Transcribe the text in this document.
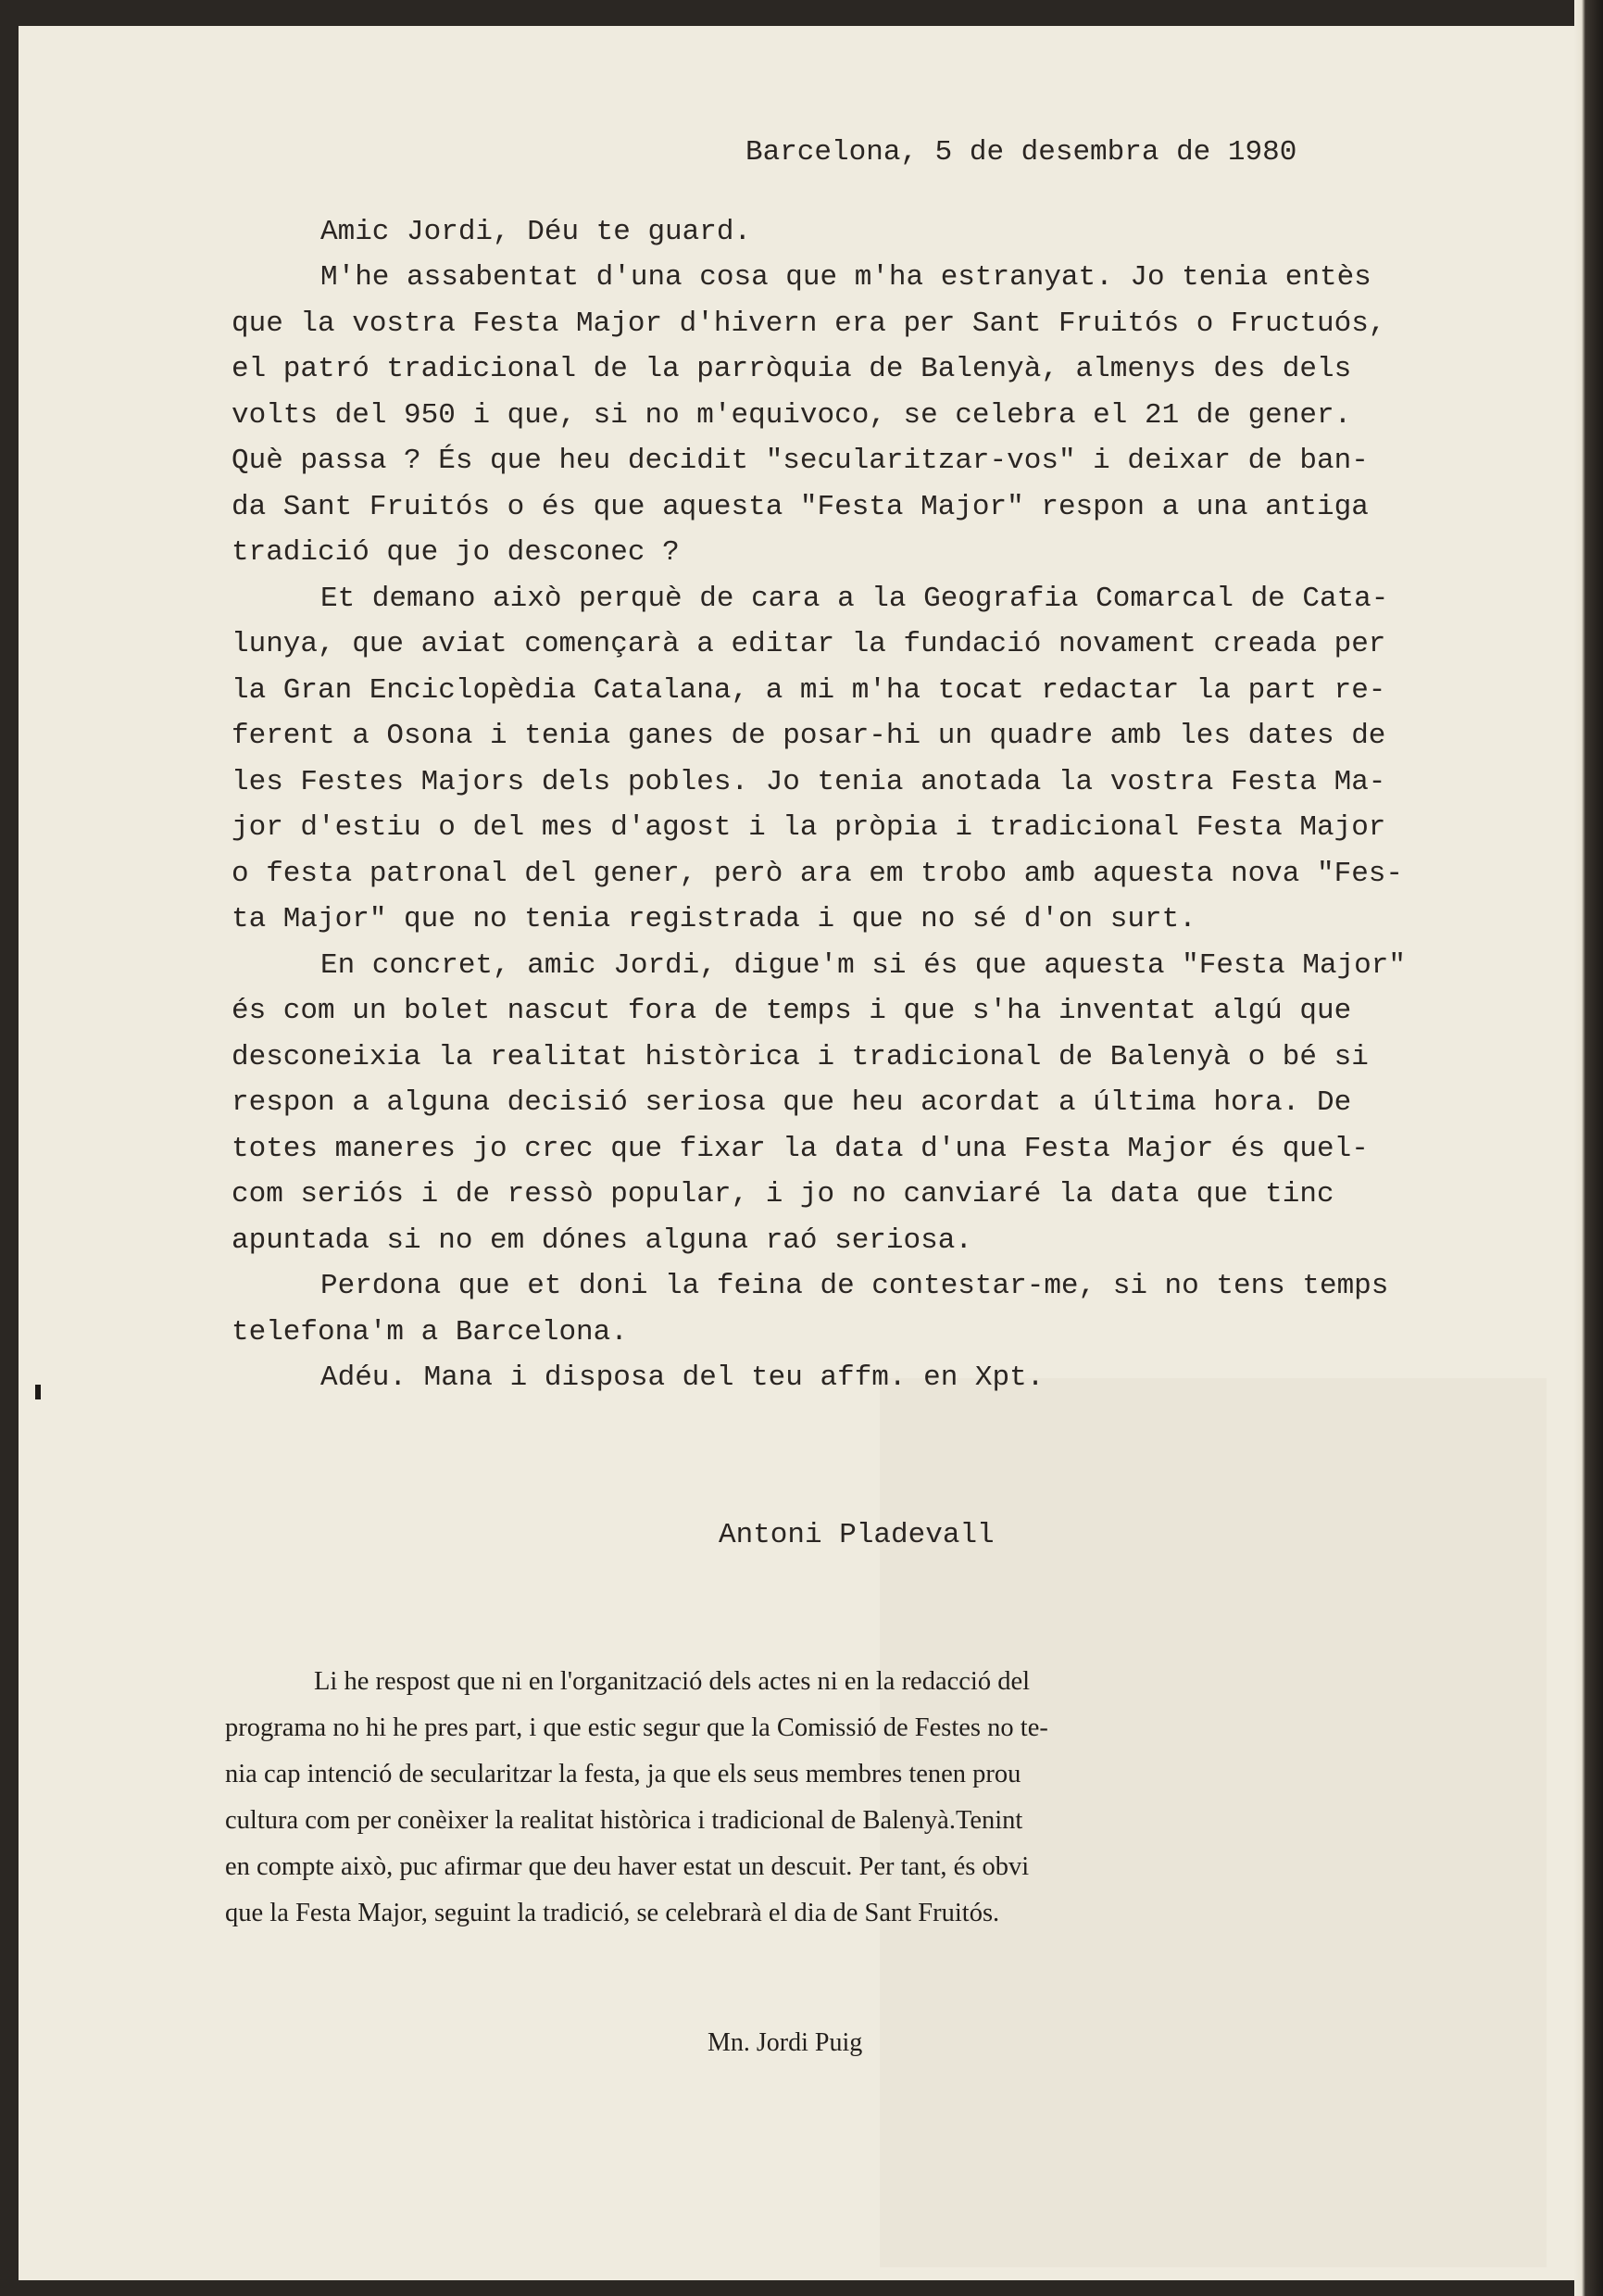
Barcelona, 5 de desembra de 1980
Amic Jordi, Déu te guard.
M'he assabentat d'una cosa que m'ha estranyat. Jo tenia entès
que la vostra Festa Major d'hivern era per Sant Fruitós o Fructuós,
el patró tradicional de la parròquia de Balenyà, almenys des dels
volts del 950 i que, si no m'equivoco, se celebra el 21 de gener.
Què passa ? És que heu decidit "secularitzar-vos" i deixar de ban-
da Sant Fruitós o és que aquesta "Festa Major" respon a una antiga
tradició que jo desconec ?
Et demano això perquè de cara a la Geografia Comarcal de Cata-
lunya, que aviat començarà a editar la fundació novament creada per
la Gran Enciclopèdia Catalana, a mi m'ha tocat redactar la part re-
ferent a Osona i tenia ganes de posar-hi un quadre amb les dates de
les Festes Majors dels pobles. Jo tenia anotada la vostra Festa Ma-
jor d'estiu o del mes d'agost i la pròpia i tradicional Festa Major
o festa patronal del gener, però ara em trobo amb aquesta nova "Fes-
ta Major" que no tenia registrada i que no sé d'on surt.
En concret, amic Jordi, digue'm si és que aquesta "Festa Major"
és com un bolet nascut fora de temps i que s'ha inventat algú que
desconeixia la realitat històrica i tradicional de Balenyà o bé si
respon a alguna decisió seriosa que heu acordat a última hora. De
totes maneres jo crec que fixar la data d'una Festa Major és quel-
com seriós i de ressò popular, i jo no canviaré la data que tinc
apuntada si no em dónes alguna raó seriosa.
Perdona que et doni la feina de contestar-me, si no tens temps
telefona'm a Barcelona.
Adéu. Mana i disposa del teu affm. en Xpt.
Antoni Pladevall
Li he respost que ni en l'organització dels actes ni en la redacció del
programa no hi he pres part, i que estic segur que la Comissió de Festes no te-
nia cap intenció de secularitzar la festa, ja que els seus membres tenen prou
cultura com per conèixer la realitat històrica i tradicional de Balenyà.Tenint
en compte això, puc afirmar que deu haver estat un descuit. Per tant, és obvi
que la Festa Major, seguint la tradició, se celebrarà el dia de Sant Fruitós.
Mn. Jordi Puig
